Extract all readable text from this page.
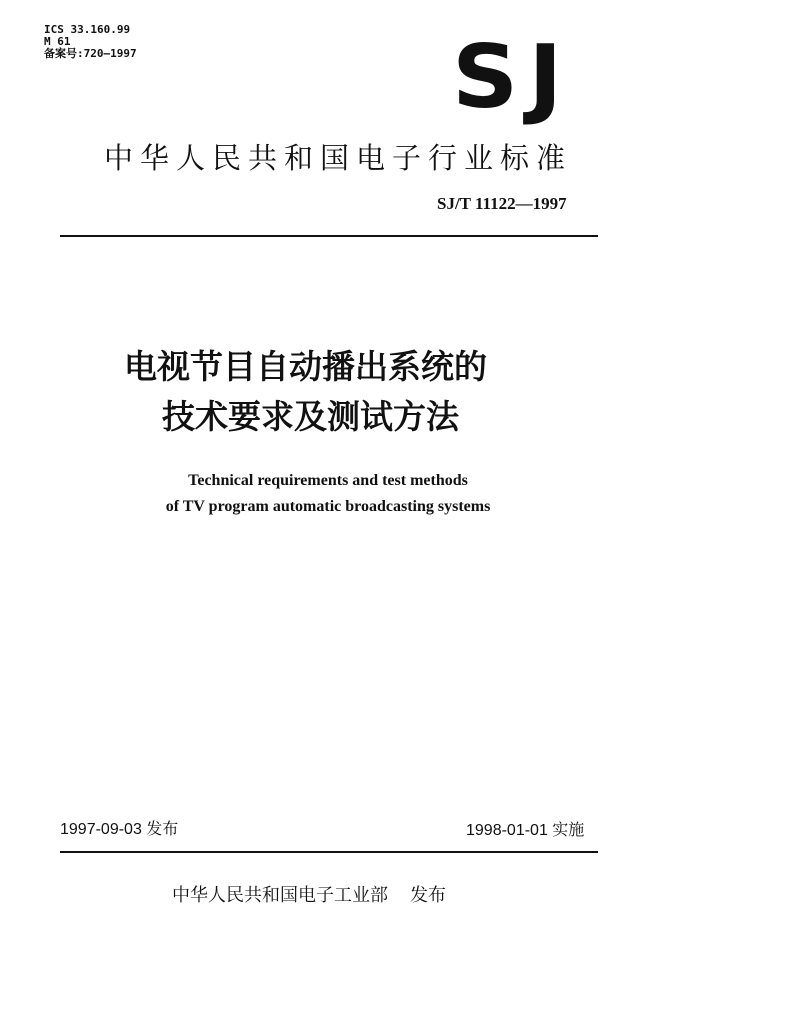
ICS 33.160.99
M 61
备案号:720—1997	SJ
中华人民共和国电子行业标准
SJ/T 11122—1997
电视节目自动播出系统的
技术要求及测试方法
Technical requirements and test methods
of TV program automatic broadcasting systems
1997-09-03 发布	1998-01-01 实施
中华人民共和国电子工业部 发布
